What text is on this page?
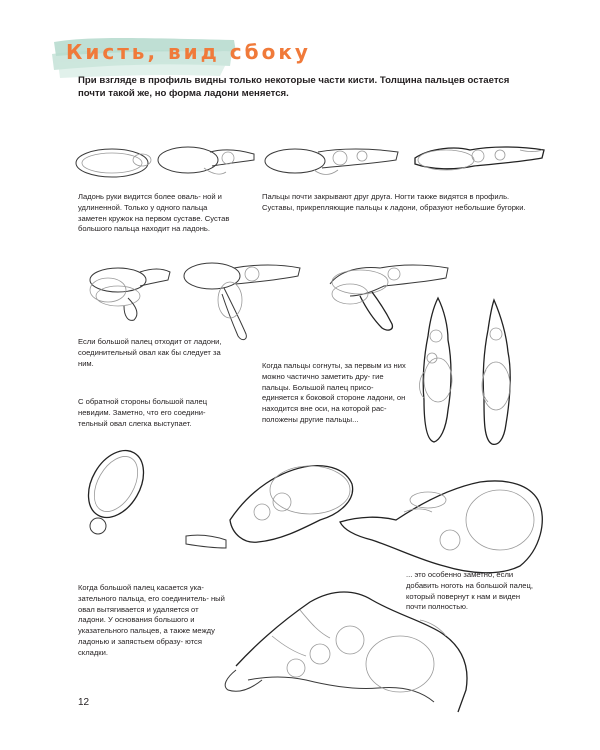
Кисть, вид сбоку

При взгляде в профиль видны только некоторые части кисти. Толщина пальцев остается почти такой же, но форма ладони меняется.

Ладонь руки видится более оваль- ной и удлиненной. Только у одного пальца заметен кружок на первом суставе. Сустав большого пальца находит на ладонь.

Пальцы почти закрывают друг друга. Ногти также видятся в профиль. Суставы, прикрепляющие пальцы к ладони, образуют небольшие бугорки.

Если большой палец отходит от ладони, соединительный овал как бы следует за ним.

С обратной стороны большой палец невидим. Заметно, что его соедини- тельный овал слегка выступает.

Когда пальцы согнуты, за первым из них можно частично заметить дру- гие пальцы. Большой палец присо- единяется к боковой стороне ладони, он находится вне оси, на которой рас- положены другие пальцы...

Когда большой палец касается ука- зательного пальца, его соединитель- ный овал вытягивается и удаляется от ладони. У основания большого и указательного пальцев, а также между ладонью и запястьем образу- ются складки.

... это особенно заметно, если добавить ноготь на большой палец, который повернут к нам и виден почти полностью.

12
